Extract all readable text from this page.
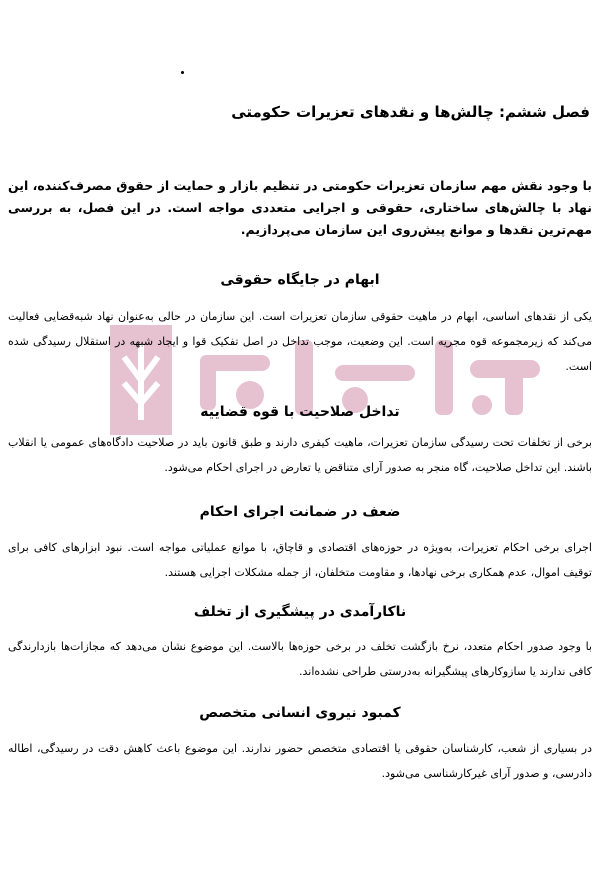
فصل ششم: چالش‌ها و نقدهای تعزیرات حکومتی
با وجود نقش مهم سازمان تعزیرات حکومتی در تنظیم بازار و حمایت از حقوق مصرف‌کننده، این نهاد با چالش‌های ساختاری، حقوقی و اجرایی متعددی مواجه است. در این فصل، به بررسی مهم‌ترین نقدها و موانع پیش‌روی این سازمان می‌پردازیم.
ابهام در جایگاه حقوقی
یکی از نقدهای اساسی، ابهام در ماهیت حقوقی سازمان تعزیرات است. این سازمان در حالی به‌عنوان نهاد شبه‌قضایی فعالیت می‌کند که زیرمجموعه قوه مجریه است. این وضعیت، موجب تداخل در اصل تفکیک قوا و ایجاد شبهه در استقلال رسیدگی شده است.
تداخل صلاحیت با قوه قضاییه
برخی از تخلفات تحت رسیدگی سازمان تعزیرات، ماهیت کیفری دارند و طبق قانون باید در صلاحیت دادگاه‌های عمومی یا انقلاب باشند. این تداخل صلاحیت، گاه منجر به صدور آرای متناقض یا تعارض در اجرای احکام می‌شود.
ضعف در ضمانت اجرای احکام
اجرای برخی احکام تعزیرات، به‌ویژه در حوزه‌های اقتصادی و قاچاق، با موانع عملیاتی مواجه است. نبود ابزارهای کافی برای توقیف اموال، عدم همکاری برخی نهادها، و مقاومت متخلفان، از جمله مشکلات اجرایی هستند.
ناکارآمدی در پیشگیری از تخلف
با وجود صدور احکام متعدد، نرخ بازگشت تخلف در برخی حوزه‌ها بالاست. این موضوع نشان می‌دهد که مجازات‌ها بازدارندگی کافی ندارند یا سازوکارهای پیشگیرانه به‌درستی طراحی نشده‌اند.
کمبود نیروی انسانی متخصص
در بسیاری از شعب، کارشناسان حقوقی یا اقتصادی متخصص حضور ندارند. این موضوع باعث کاهش دقت در رسیدگی، اطاله دادرسی، و صدور آرای غیرکارشناسی می‌شود.
